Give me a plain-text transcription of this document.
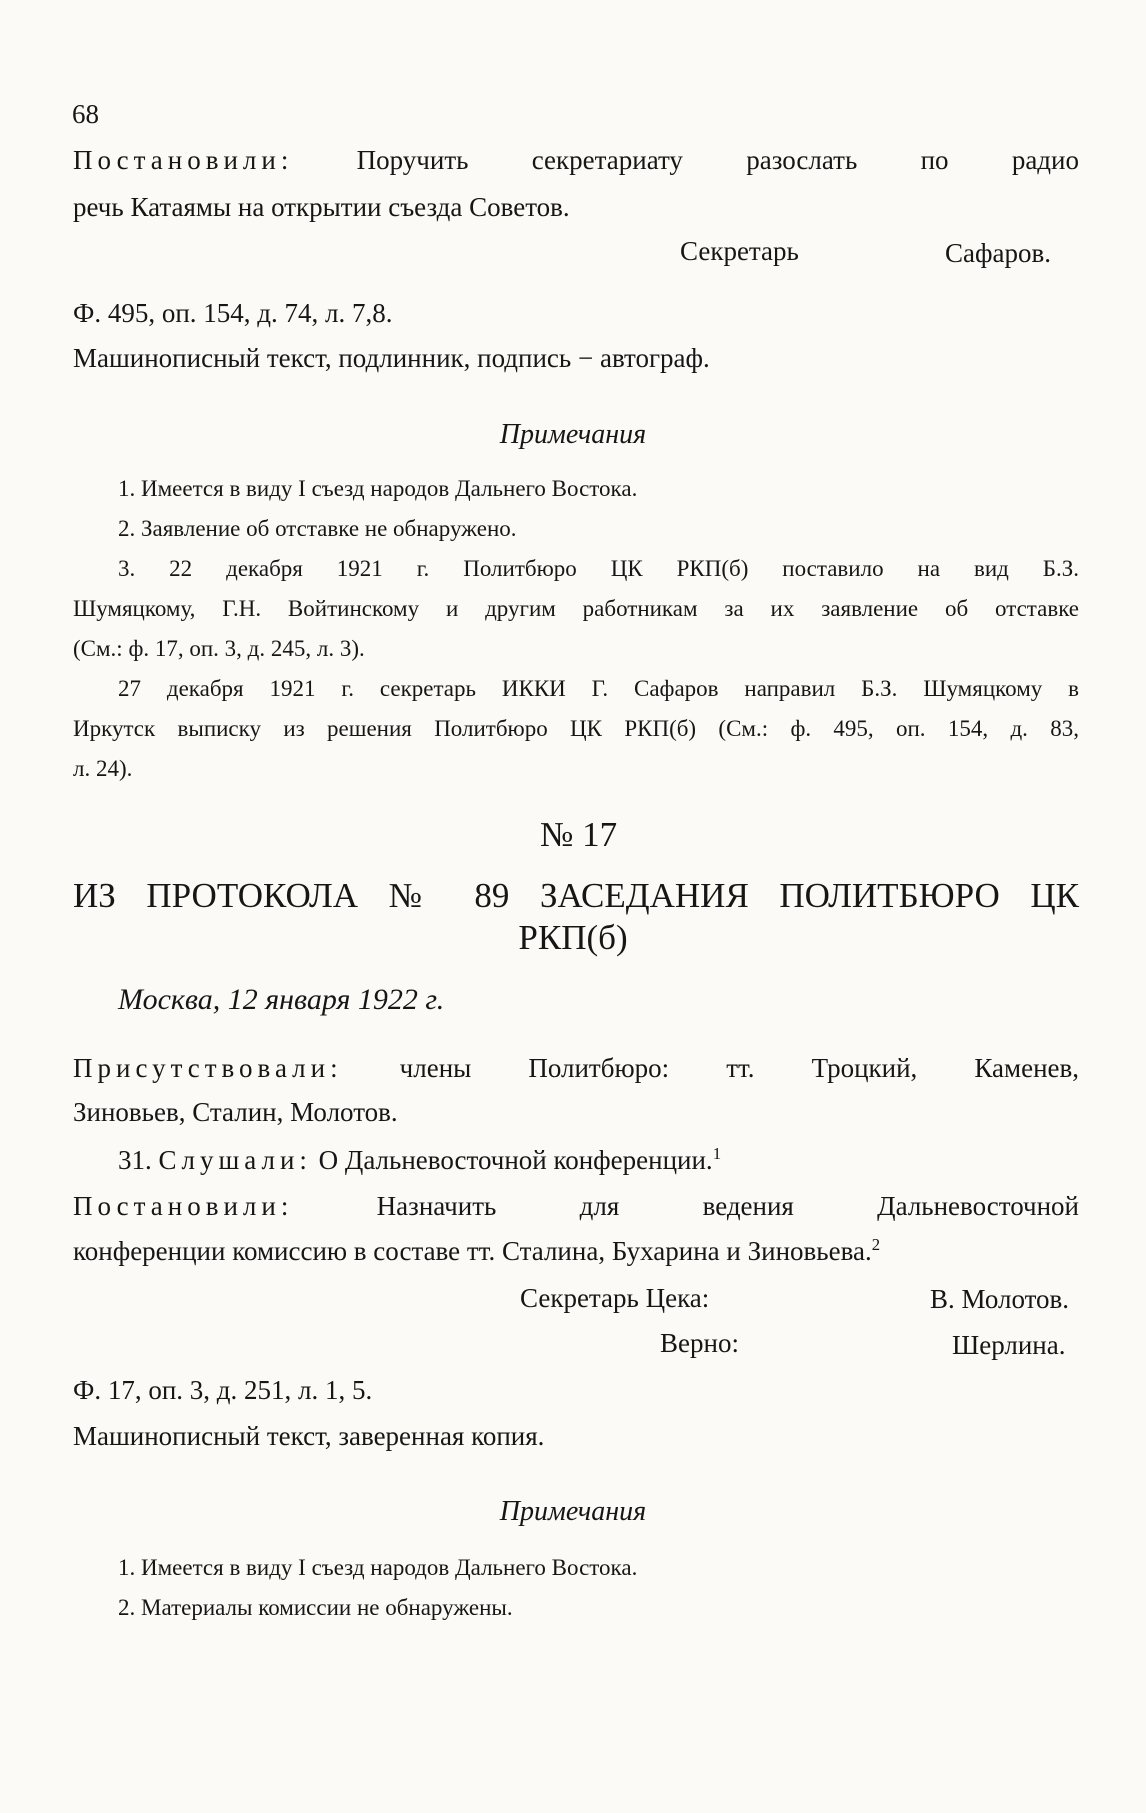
68
Постановили: Поручить секретариату разослать по радио
речь Катаямы на открытии съезда Советов.
Секретарь	Сафаров.
Ф. 495, оп. 154, д. 74, л. 7,8.
Машинописный текст, подлинник, подпись − автограф.
Примечания
1. Имеется в виду I съезд народов Дальнего Востока.
2. Заявление об отставке не обнаружено.
3. 22 декабря 1921 г. Политбюро ЦК РКП(б) поставило на вид Б.З.
Шумяцкому, Г.Н. Войтинскому и другим работникам за их заявление об отставке
(См.: ф. 17, оп. 3, д. 245, л. 3).
27 декабря 1921 г. секретарь ИККИ Г. Сафаров направил Б.З. Шумяцкому в
Иркутск выписку из решения Политбюро ЦК РКП(б) (См.: ф. 495, оп. 154, д. 83,
л. 24).
№ 17
ИЗ ПРОТОКОЛА № 89 ЗАСЕДАНИЯ ПОЛИТБЮРО ЦК
РКП(б)
Москва, 12 января 1922 г.
Присутствовали: члены Политбюро: тт. Троцкий, Каменев,
Зиновьев, Сталин, Молотов.
31. Слушали: О Дальневосточной конференции.$^1$
Постановили:	Назначить для ведения Дальневосточной
конференции комиссию в составе тт. Сталина, Бухарина и Зиновьева.$^2$
Секретарь Цека:	В. Молотов.
Верно:	Шерлина.
Ф. 17, оп. 3, д. 251, л. 1, 5.
Машинописный текст, заверенная копия.
Примечания
1. Имеется в виду I съезд народов Дальнего Востока.
2. Материалы комиссии не обнаружены.
